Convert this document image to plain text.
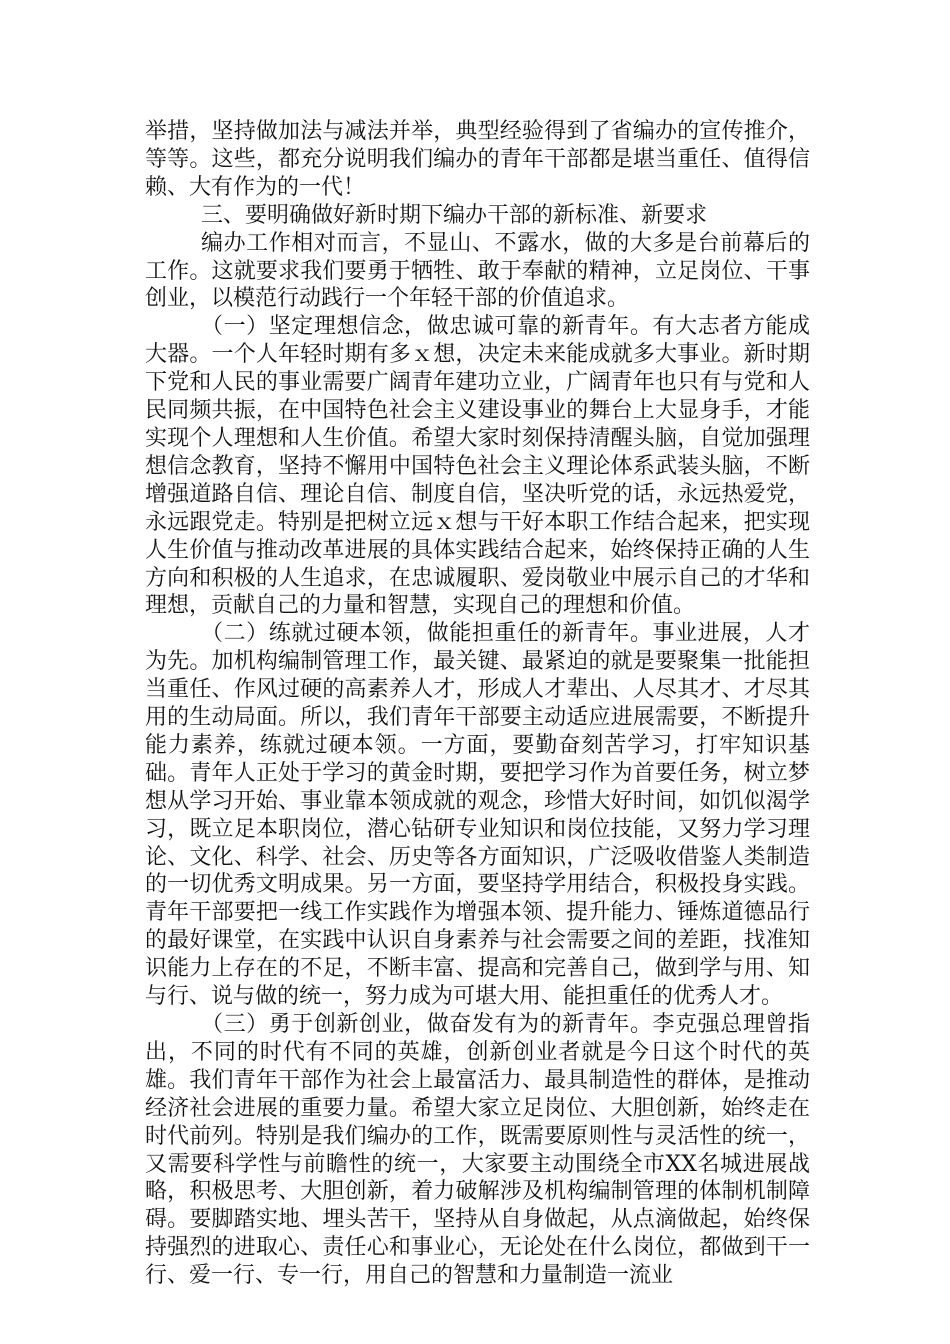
举措，坚持做加法与减法并举，典型经验得到了省编办的宣传推介，等等。这些，都充分说明我们编办的青年干部都是堪当重任、值得信赖、大有作为的一代！

三、要明确做好新时期下编办干部的新标准、新要求

编办工作相对而言，不显山、不露水，做的大多是台前幕后的工作。这就要求我们要勇于牺牲、敢于奉献的精神，立足岗位、干事创业，以模范行动践行一个年轻干部的价值追求。

（一）坚定理想信念，做忠诚可靠的新青年。有大志者方能成大器。一个人年轻时期有多ｘ想，决定未来能成就多大事业。新时期下党和人民的事业需要广阔青年建功立业，广阔青年也只有与党和人民同频共振，在中国特色社会主义建设事业的舞台上大显身手，才能实现个人理想和人生价值。希望大家时刻保持清醒头脑，自觉加强理想信念教育，坚持不懈用中国特色社会主义理论体系武装头脑，不断增强道路自信、理论自信、制度自信，坚决听党的话，永远热爱党，永远跟党走。特别是把树立远ｘ想与干好本职工作结合起来，把实现人生价值与推动改革进展的具体实践结合起来，始终保持正确的人生方向和积极的人生追求，在忠诚履职、爱岗敬业中展示自己的才华和理想，贡献自己的力量和智慧，实现自己的理想和价值。

（二）练就过硬本领，做能担重任的新青年。事业进展，人才为先。加机构编制管理工作，最关键、最紧迫的就是要聚集一批能担当重任、作风过硬的高素养人才，形成人才辈出、人尽其才、才尽其用的生动局面。所以，我们青年干部要主动适应进展需要，不断提升能力素养，练就过硬本领。一方面，要勤奋刻苦学习，打牢知识基础。青年人正处于学习的黄金时期，要把学习作为首要任务，树立梦想从学习开始、事业靠本领成就的观念，珍惜大好时间，如饥似渴学习，既立足本职岗位，潜心钻研专业知识和岗位技能，又努力学习理论、文化、科学、社会、历史等各方面知识，广泛吸收借鉴人类制造的一切优秀文明成果。另一方面，要坚持学用结合，积极投身实践。青年干部要把一线工作实践作为增强本领、提升能力、锤炼道德品行的最好课堂，在实践中认识自身素养与社会需要之间的差距，找准知识能力上存在的不足，不断丰富、提高和完善自己，做到学与用、知与行、说与做的统一，努力成为可堪大用、能担重任的优秀人才。

（三）勇于创新创业，做奋发有为的新青年。李克强总理曾指出，不同的时代有不同的英雄，创新创业者就是今日这个时代的英雄。我们青年干部作为社会上最富活力、最具制造性的群体，是推动经济社会进展的重要力量。希望大家立足岗位、大胆创新，始终走在时代前列。特别是我们编办的工作，既需要原则性与灵活性的统一，又需要科学性与前瞻性的统一，大家要主动围绕全市XX名城进展战略，积极思考、大胆创新，着力破解涉及机构编制管理的体制机制障碍。要脚踏实地、埋头苦干，坚持从自身做起，从点滴做起，始终保持强烈的进取心、责任心和事业心，无论处在什么岗位，都做到干一行、爱一行、专一行，用自己的智慧和力量制造一流业
